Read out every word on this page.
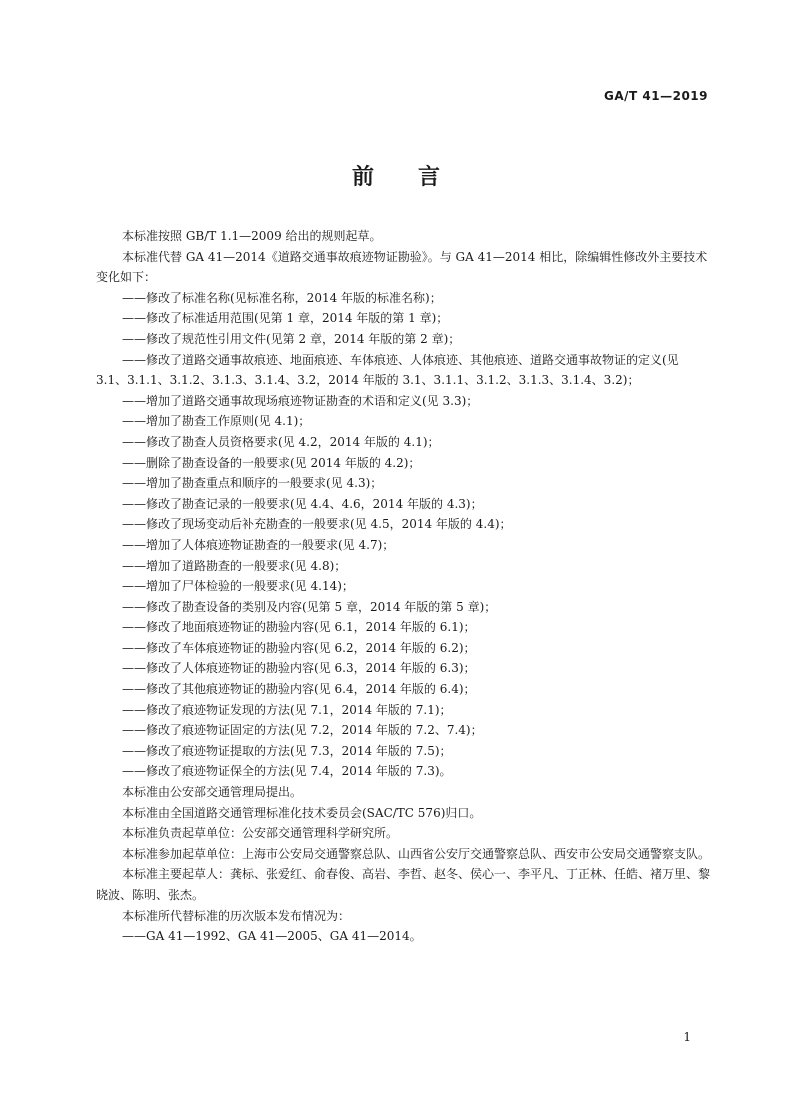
GA/T 41—2019
前 言

本标准按照 GB/T 1.1—2009 给出的规则起草。

本标准代替 GA 41—2014《道路交通事故痕迹物证勘验》。与 GA 41—2014 相比，除编辑性修改外主要技术变化如下：

——修改了标准名称(见标准名称，2014 年版的标准名称)；

——修改了标准适用范围(见第 1 章，2014 年版的第 1 章)；

——修改了规范性引用文件(见第 2 章，2014 年版的第 2 章)；

——修改了道路交通事故痕迹、地面痕迹、车体痕迹、人体痕迹、其他痕迹、道路交通事故物证的定义(见 3.1、3.1.1、3.1.2、3.1.3、3.1.4、3.2，2014 年版的 3.1、3.1.1、3.1.2、3.1.3、3.1.4、3.2)；

——增加了道路交通事故现场痕迹物证勘查的术语和定义(见 3.3)；

——增加了勘查工作原则(见 4.1)；

——修改了勘查人员资格要求(见 4.2，2014 年版的 4.1)；

——删除了勘查设备的一般要求(见 2014 年版的 4.2)；

——增加了勘查重点和顺序的一般要求(见 4.3)；

——修改了勘查记录的一般要求(见 4.4、4.6，2014 年版的 4.3)；

——修改了现场变动后补充勘查的一般要求(见 4.5，2014 年版的 4.4)；

——增加了人体痕迹物证勘查的一般要求(见 4.7)；

——增加了道路勘查的一般要求(见 4.8)；

——增加了尸体检验的一般要求(见 4.14)；

——修改了勘查设备的类别及内容(见第 5 章，2014 年版的第 5 章)；

——修改了地面痕迹物证的勘验内容(见 6.1，2014 年版的 6.1)；

——修改了车体痕迹物证的勘验内容(见 6.2，2014 年版的 6.2)；

——修改了人体痕迹物证的勘验内容(见 6.3，2014 年版的 6.3)；

——修改了其他痕迹物证的勘验内容(见 6.4，2014 年版的 6.4)；

——修改了痕迹物证发现的方法(见 7.1，2014 年版的 7.1)；

——修改了痕迹物证固定的方法(见 7.2，2014 年版的 7.2、7.4)；

——修改了痕迹物证提取的方法(见 7.3，2014 年版的 7.5)；

——修改了痕迹物证保全的方法(见 7.4，2014 年版的 7.3)。

本标准由公安部交通管理局提出。

本标准由全国道路交通管理标准化技术委员会(SAC/TC 576)归口。

本标准负责起草单位：公安部交通管理科学研究所。

本标准参加起草单位：上海市公安局交通警察总队、山西省公安厅交通警察总队、西安市公安局交通警察支队。

本标准主要起草人：龚标、张爱红、俞春俊、高岩、李哲、赵冬、侯心一、李平凡、丁正林、任皓、褚万里、黎晓波、陈明、张杰。

本标准所代替标准的历次版本发布情况为：

——GA 41—1992、GA 41—2005、GA 41—2014。

1
